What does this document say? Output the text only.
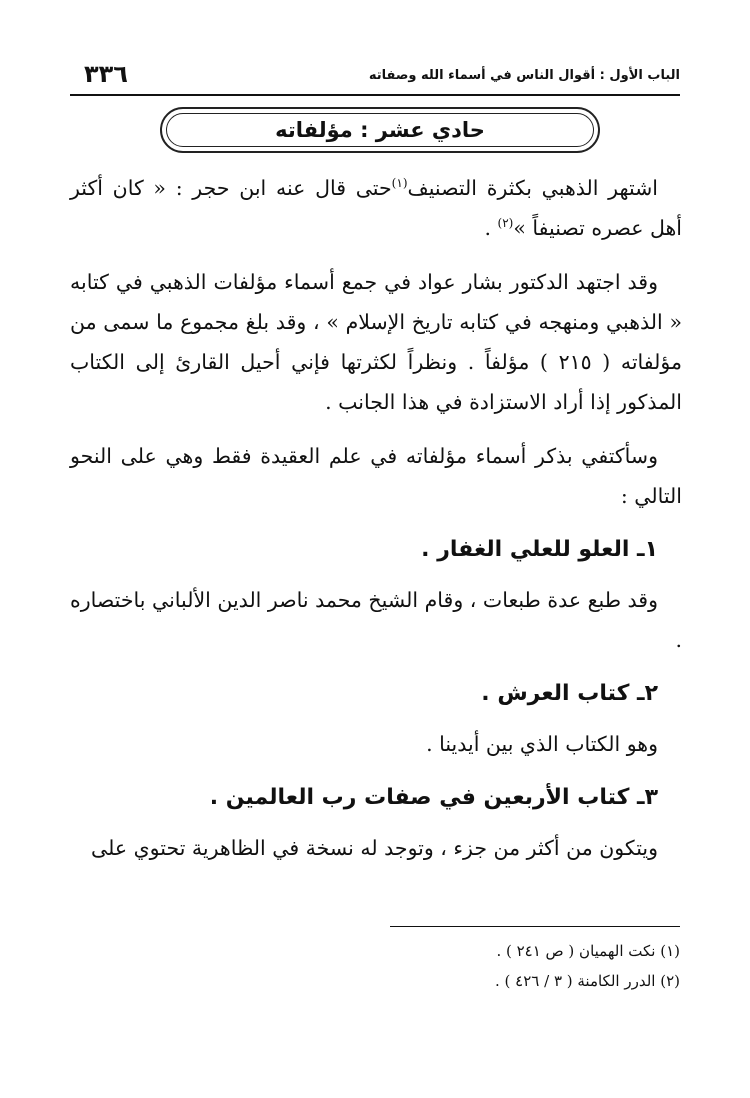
٣٣٦	الباب الأول : أقوال الناس في أسماء الله وصفاته
حادي عشر : مؤلفاته

اشتهر الذهبي بكثرة التصنيف$^{(١)}$حتى قال عنه ابن حجر : « كان أكثر أهل عصره تصنيفاً »$^{(٢)}$ .

وقد اجتهد الدكتور بشار عواد في جمع أسماء مؤلفات الذهبي في كتابه « الذهبي ومنهجه في كتابه تاريخ الإسلام » ، وقد بلغ مجموع ما سمى من مؤلفاته ( ٢١٥ ) مؤلفاً . ونظراً لكثرتها فإني أحيل القارئ إلى الكتاب المذكور إذا أراد الاستزادة في هذا الجانب .

وسأكتفي بذكر أسماء مؤلفاته في علم العقيدة فقط وهي على النحو التالي :

١ـ العلو للعلي الغفار .

وقد طبع عدة طبعات ، وقام الشيخ محمد ناصر الدين الألباني باختصاره .

٢ـ كتاب العرش .

وهو الكتاب الذي بين أيدينا .

٣ـ كتاب الأربعين في صفات رب العالمين .

ويتكون من أكثر من جزء ، وتوجد له نسخة في الظاهرية تحتوي على

(١) نكت الهميان ( ص ٢٤١ ) .

(٢) الدرر الكامنة ( ٣ / ٤٢٦ ) .
